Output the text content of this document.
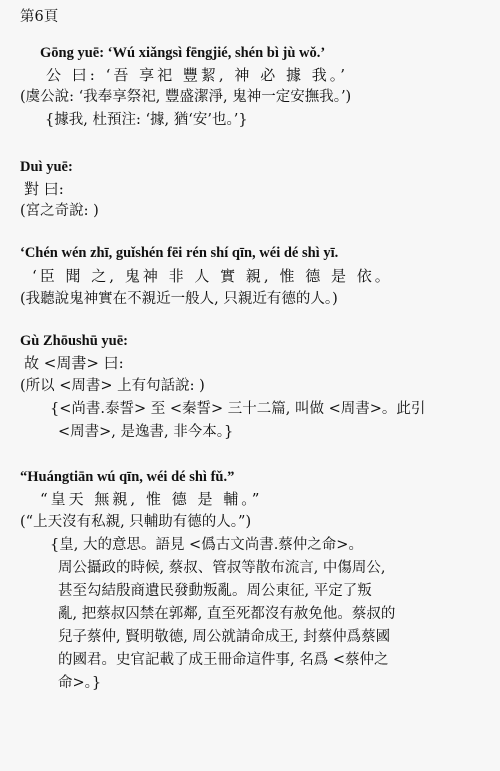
第6頁
Gōng yuē: ‘Wú xiǎngsì fēngjié, shén bì jù wǒ.’
公 曰: ‘吾 享祀 豐絜, 神 必 據 我。’
(虞公說: ‘我奉享祭祀, 豐盛潔淨, 鬼神一定安撫我。’)
{據我, 杜預注: ‘據, 猶‘安’也。’}
Duì yuē:
對 曰:
(宮之奇說: )
‘Chén wén zhī, guǐshén fēi rén shí qīn, wéi dé shì yī.
‘臣 聞 之, 鬼神 非 人 實 親, 惟 德 是 依。
(我聽說鬼神實在不親近一般人, 只親近有德的人。)
Gù Zhōushū yuē:
故 <周書> 曰:
(所以 <周書> 上有句話說: )
{<尚書.泰誓> 至 <秦誓> 三十二篇, 叫做 <周書>。此引
<周書>, 是逸書, 非今本。}
“Huángtiān wú qīn, wéi dé shì fǔ.”
“皇天 無親, 惟 德 是 輔。”
(“上天沒有私親, 只輔助有德的人。”)
{皇, 大的意思。語見 <僞古文尚書.蔡仲之命>。
周公攝政的時候, 蔡叔、管叔等散布流言, 中傷周公,
甚至勾結殷商遺民發動叛亂。周公東征, 平定了叛
亂, 把蔡叔囚禁在郭鄰, 直至死都沒有赦免他。蔡叔的
兒子蔡仲, 賢明敬德, 周公就請命成王, 封蔡仲爲蔡國
的國君。史官記載了成王冊命這件事, 名爲 <蔡仲之
命>。}
